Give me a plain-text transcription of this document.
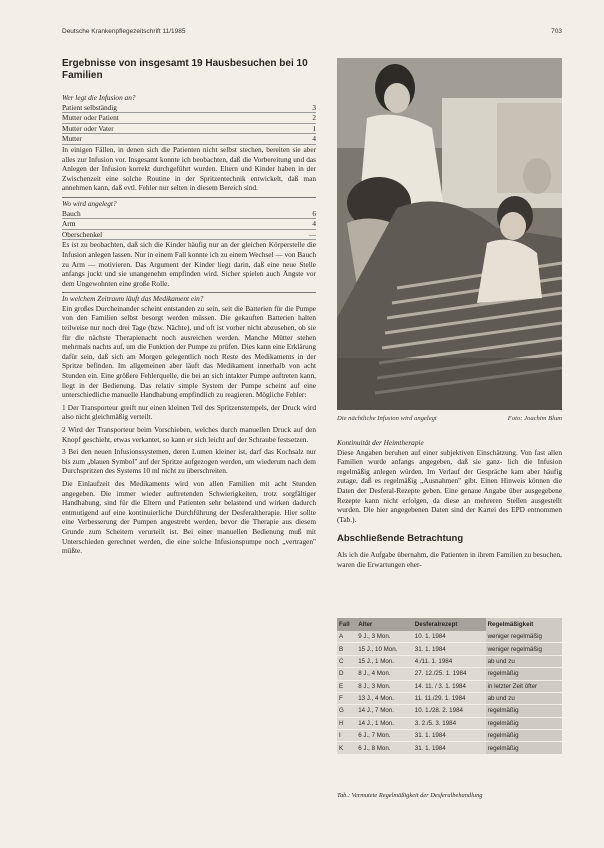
Deutsche Krankenpflegezeitschrift 11/1985	703
Ergebnisse von insgesamt 19 Hausbesuchen bei 10 Familien
Wer legt die Infusion an?
Patient selbständig	3
Mutter oder Patient	2
Mutter oder Vater	1
Mutter	4

In einigen Fällen, in denen sich die Patienten nicht selbst stechen, bereiten sie aber alles zur Infusion vor. Insgesamt konnte ich beobachten, daß die Vorbereitung und das Anlegen der Infusion korrekt durchgeführt wurden. Eltern und Kinder haben in der Zwischenzeit eine solche Routine in der Spritzentechnik entwickelt, daß man annehmen kann, daß evtl. Fehler nur selten in diesem Bereich sind.

Wo wird angelegt?
Bauch	6
Arm	4
Oberschenkel	—

Es ist zu beobachten, daß sich die Kinder häufig nur an der gleichen Körperstelle die Infusion anlegen lassen. Nur in einem Fall konnte ich zu einem Wechsel — von Bauch zu Arm — motivieren. Das Argument der Kinder liegt darin, daß eine neue Stelle anfangs juckt und sie unangenehm empfinden wird. Sicher spielen auch Ängste vor dem Ungewohnten eine große Rolle.

In welchem Zeitraum läuft das Medikament ein?

Ein großes Durcheinander scheint entstanden zu sein, seit die Batterien für die Pumpe von den Familien selbst besorgt werden müssen. Die gekauften Batterien halten teilweise nur noch drei Tage (bzw. Nächte), und oft ist vorher nicht abzusehen, ob sie für die nächste Therapienacht noch ausreichen werden. Manche Mütter stehen mehrmals nachts auf, um die Funktion der Pumpe zu prüfen. Dies kann eine Erklärung dafür sein, daß sich am Morgen gelegentlich noch Reste des Medikaments in der Spritze befinden. Im allgemeinen aber läuft das Medikament innerhalb von acht Stunden ein. Eine größere Fehlerquelle, die bei an sich intakter Pumpe auftreten kann, liegt in der Bedienung. Das relativ simple System der Pumpe scheint auf eine unterschiedliche manuelle Handhabung empfindlich zu reagieren. Mögliche Fehler:

1 Der Transporteur greift nur einen kleinen Teil des Spritzenstempels, der Druck wird also nicht gleichmäßig verteilt.

2 Wird der Transporteur beim Vorschieben, welches durch manuellen Druck auf den Knopf geschieht, etwas verkantet, so kann er sich leicht auf der Schraube festsetzen.

3 Bei den neuen Infusionssystemen, deren Lumen kleiner ist, darf das Kochsalz nur bis zum „blauen Symbol" auf der Spritze aufgezogen werden, um wiederum nach dem Durchspritzen des Systems 10 ml nicht zu überschreiten.

Die Einlaufzeit des Medikaments wird von allen Familien mit acht Stunden angegeben. Die immer wieder auftretenden Schwierigkeiten, trotz sorgfältiger Handhabung, sind für die Eltern und Patienten sehr belastend und wirken dadurch entmutigend auf eine kontinuierliche Durchführung der Desferaltherapie. Hier sollte eine Verbesserung der Pumpen angestrebt werden, bevor die Therapie aus diesem Grunde zum Scheitern verurteilt ist. Bei einer manuellen Bedienung muß mit Unterschieden gerechnet werden, die eine solche Infusionspumpe noch „vertragen" müßte.

Die nächtliche Infusion wird angelegt	Foto: Joachim Blum
Kontinuität der Heimtherapie

Diese Angaben beruhen auf einer subjektiven Einschätzung. Von fast allen Familien wurde anfangs angegeben, daß sie ganz- lich die Infusion regelmäßig anlegen würden. Im Verlauf der Gespräche kam aber häufig zutage, daß es regelmäßig „Ausnahmen" gibt. Einen Hinweis können die Daten der Desferal-Rezepte geben. Eine genaue Angabe über ausgegebene Rezepte kann nicht erfolgen, da diese an mehreren Stellen ausgestellt wurden. Die hier angegebenen Daten sind der Kartei des EPD entnommen (Tab.).

Abschließende Betrachtung

Als ich die Aufgabe übernahm, die Patienten in ihrem Familien zu besuchen, waren die Erwartungen eher-

Fall	Alter	Desferalrezept	Regelmäßigkeit
A	9 J., 3 Mon.	10. 1. 1984	weniger regelmäßig
B	15 J., 10 Mon.	31. 1. 1984	weniger regelmäßig
C	15 J., 1 Mon.	4./11. 1. 1984	ab und zu
D	8 J., 4 Mon.	27. 12./25. 1. 1984	regelmäßig
E	8 J., 3 Mon.	14. 11. / 3. 1. 1984	in letzter Zeit öfter
F	13 J., 4 Mon.	11. 11./29. 1. 1984	ab und zu
G	14 J., 7 Mon.	10. 1./28. 2. 1984	regelmäßig
H	14 J., 1 Mon.	3. 2./5. 3. 1984	regelmäßig
I	6 J., 7 Mon.	31. 1. 1984	regelmäßig
K	6 J., 8 Mon.	31. 1. 1984	regelmäßig
Tab.: Vermutete Regelmäßigkeit der Desferalbehandlung
